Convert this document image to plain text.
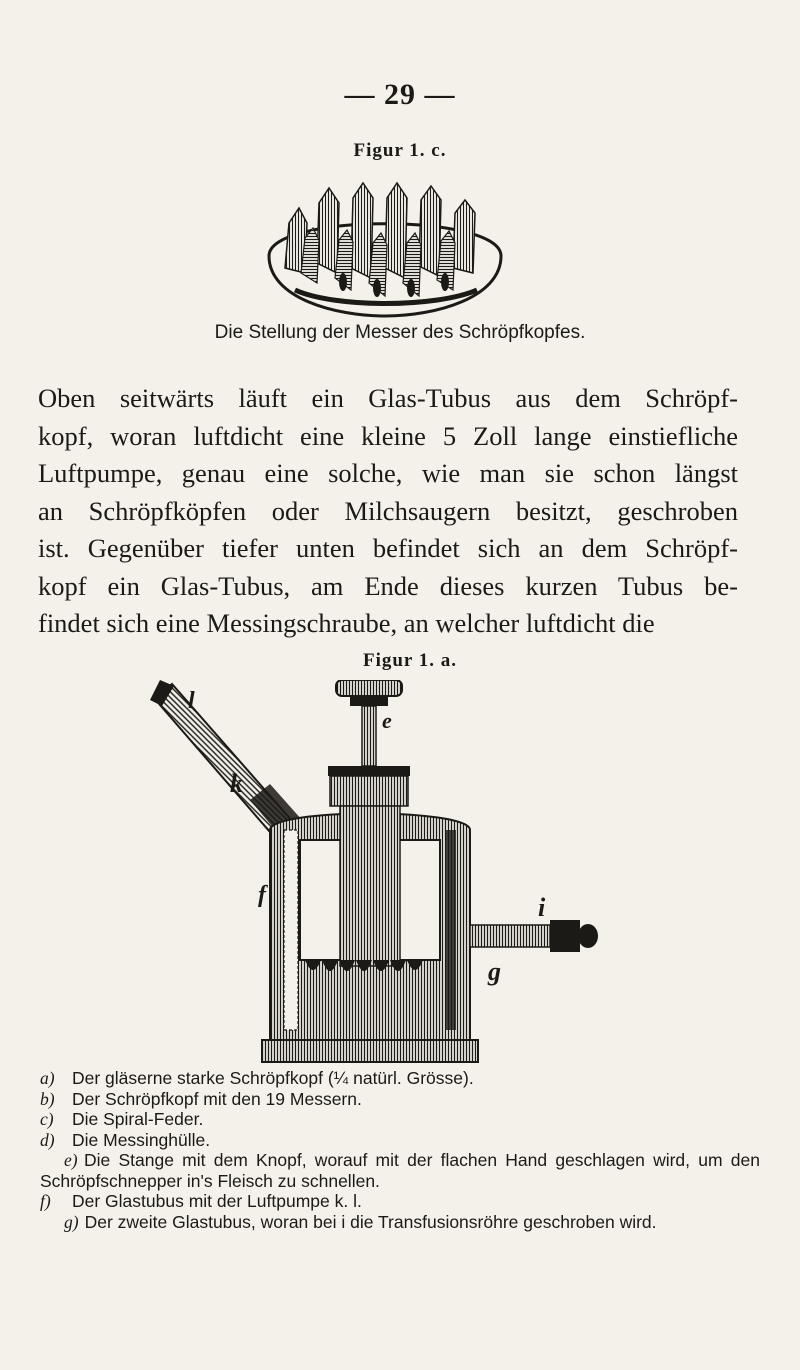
— 29 —
Figur 1. c.
Die Stellung der Messer des Schröpfkopfes.
Oben seitwärts läuft ein Glas-Tubus aus dem Schröpf-
kopf, woran luftdicht eine kleine 5 Zoll lange einstiefliche
Luftpumpe, genau eine solche, wie man sie schon längst
an Schröpfköpfen oder Milchsaugern besitzt, geschroben
ist. Gegenüber tiefer unten befindet sich an dem Schröpf-
kopf ein Glas-Tubus, am Ende dieses kurzen Tubus be-
findet sich eine Messingschraube, an welcher luftdicht die
Figur 1. a.
l
k
e
f	i
g
a) Der gläserne starke Schröpfkopf (¼ natürl. Grösse).
b) Der Schröpfkopf mit den 19 Messern.
c) Die Spiral-Feder.
d) Die Messinghülle.
e) Die Stange mit dem Knopf, worauf mit der flachen Hand geschlagen wird, um den Schröpfschnepper in's Fleisch zu schnellen.
f) Der Glastubus mit der Luftpumpe k. l.
g) Der zweite Glastubus, woran bei i die Transfusionsröhre geschroben wird.
